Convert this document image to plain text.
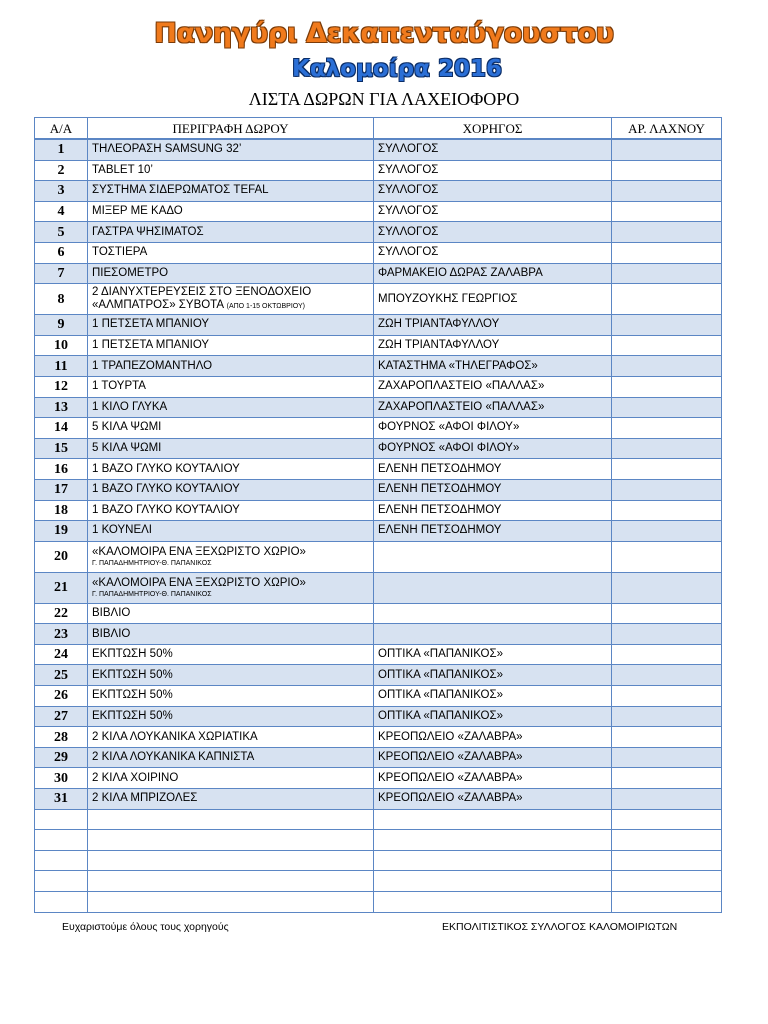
Πανηγύρι Δεκαπενταύγουστου
Καλομοίρα 2016
ΛΙΣΤΑ ΔΩΡΩΝ ΓΙΑ ΛΑΧΕΙΟΦΟΡΟ
Α/Α	ΠΕΡΙΓΡΑΦΗ ΔΩΡΟΥ	ΧΟΡΗΓΟΣ	ΑΡ. ΛΑΧΝΟΥ
1	ΤΗΛΕΟΡΑΣΗ SAMSUNG 32’	ΣΥΛΛΟΓΟΣ	
2	TABLET 10’	ΣΥΛΛΟΓΟΣ	
3	ΣΥΣΤΗΜΑ ΣΙΔΕΡΩΜΑΤΟΣ TEFAL	ΣΥΛΛΟΓΟΣ	
4	ΜΙΞΕΡ ΜΕ ΚΑΔΟ	ΣΥΛΛΟΓΟΣ	
5	ΓΑΣΤΡΑ ΨΗΣΙΜΑΤΟΣ	ΣΥΛΛΟΓΟΣ	
6	ΤΟΣΤΙΕΡΑ	ΣΥΛΛΟΓΟΣ	
7	ΠΙΕΣΟΜΕΤΡΟ	ΦΑΡΜΑΚΕΙΟ ΔΩΡΑΣ ΖΑΛΑΒΡΑ	
8	2 ΔΙΑΝΥΧΤΕΡΕΥΣΕΙΣ ΣΤΟ ΞΕΝΟΔΟΧΕΙΟ
«ΑΛΜΠΑΤΡΟΣ» ΣΥΒΟΤΑ (ΑΠΟ 1-15 ΟΚΤΩΒΡΙΟΥ)	ΜΠΟΥΖΟΥΚΗΣ ΓΕΩΡΓΙΟΣ	
9	1 ΠΕΤΣΕΤΑ ΜΠΑΝΙΟΥ	ΖΩΗ ΤΡΙΑΝΤΑΦΥΛΛΟΥ	
10	1 ΠΕΤΣΕΤΑ ΜΠΑΝΙΟΥ	ΖΩΗ ΤΡΙΑΝΤΑΦΥΛΛΟΥ	
11	1 ΤΡΑΠΕΖΟΜΑΝΤΗΛΟ	ΚΑΤΑΣΤΗΜΑ «ΤΗΛΕΓΡΑΦΟΣ»	
12	1 ΤΟΥΡΤΑ	ΖΑΧΑΡΟΠΛΑΣΤΕΙΟ «ΠΑΛΛΑΣ»	
13	1 ΚΙΛΟ ΓΛΥΚΑ	ΖΑΧΑΡΟΠΛΑΣΤΕΙΟ «ΠΑΛΛΑΣ»	
14	5 ΚΙΛΑ ΨΩΜΙ	ΦΟΥΡΝΟΣ «ΑΦΟΙ ΦΙΛΟΥ»	
15	5 ΚΙΛΑ ΨΩΜΙ	ΦΟΥΡΝΟΣ «ΑΦΟΙ ΦΙΛΟΥ»	
16	1 ΒΑΖΟ ΓΛΥΚΟ ΚΟΥΤΑΛΙΟΥ	ΕΛΕΝΗ ΠΕΤΣΟΔΗΜΟΥ	
17	1 ΒΑΖΟ ΓΛΥΚΟ ΚΟΥΤΑΛΙΟΥ	ΕΛΕΝΗ ΠΕΤΣΟΔΗΜΟΥ	
18	1 ΒΑΖΟ ΓΛΥΚΟ ΚΟΥΤΑΛΙΟΥ	ΕΛΕΝΗ ΠΕΤΣΟΔΗΜΟΥ	
19	1 ΚΟΥΝΕΛΙ	ΕΛΕΝΗ ΠΕΤΣΟΔΗΜΟΥ	
20	«ΚΑΛΟΜΟΙΡΑ ΕΝΑ ΞΕΧΩΡΙΣΤΟ ΧΩΡΙΟ»
Γ. ΠΑΠΑΔΗΜΗΤΡΙΟΥ-Θ. ΠΑΠΑΝΙΚΟΣ		

21	«ΚΑΛΟΜΟΙΡΑ ΕΝΑ ΞΕΧΩΡΙΣΤΟ ΧΩΡΙΟ»
Γ. ΠΑΠΑΔΗΜΗΤΡΙΟΥ-Θ. ΠΑΠΑΝΙΚΟΣ		

22	ΒΙΒΛΙΟ		
23	ΒΙΒΛΙΟ		
24	ΕΚΠΤΩΣΗ 50%	ΟΠΤΙΚΑ «ΠΑΠΑΝΙΚΟΣ»	
25	ΕΚΠΤΩΣΗ 50%	ΟΠΤΙΚΑ «ΠΑΠΑΝΙΚΟΣ»	
26	ΕΚΠΤΩΣΗ 50%	ΟΠΤΙΚΑ «ΠΑΠΑΝΙΚΟΣ»	
27	ΕΚΠΤΩΣΗ 50%	ΟΠΤΙΚΑ «ΠΑΠΑΝΙΚΟΣ»	
28	2 ΚΙΛΑ ΛΟΥΚΑΝΙΚΑ ΧΩΡΙΑΤΙΚΑ	ΚΡΕΟΠΩΛΕΙΟ «ΖΑΛΑΒΡΑ»	
29	2 ΚΙΛΑ ΛΟΥΚΑΝΙΚΑ ΚΑΠΝΙΣΤΑ	ΚΡΕΟΠΩΛΕΙΟ «ΖΑΛΑΒΡΑ»	
30	2 ΚΙΛΑ ΧΟΙΡΙΝΟ	ΚΡΕΟΠΩΛΕΙΟ «ΖΑΛΑΒΡΑ»	
31	2 ΚΙΛΑ ΜΠΡΙΖΟΛΕΣ	ΚΡΕΟΠΩΛΕΙΟ «ΖΑΛΑΒΡΑ»	

Ευχαριστούμε όλους τους χορηγούς	ΕΚΠΟΛΙΤΙΣΤΙΚΟΣ ΣΥΛΛΟΓΟΣ ΚΑΛΟΜΟΙΡΙΩΤΩΝ
